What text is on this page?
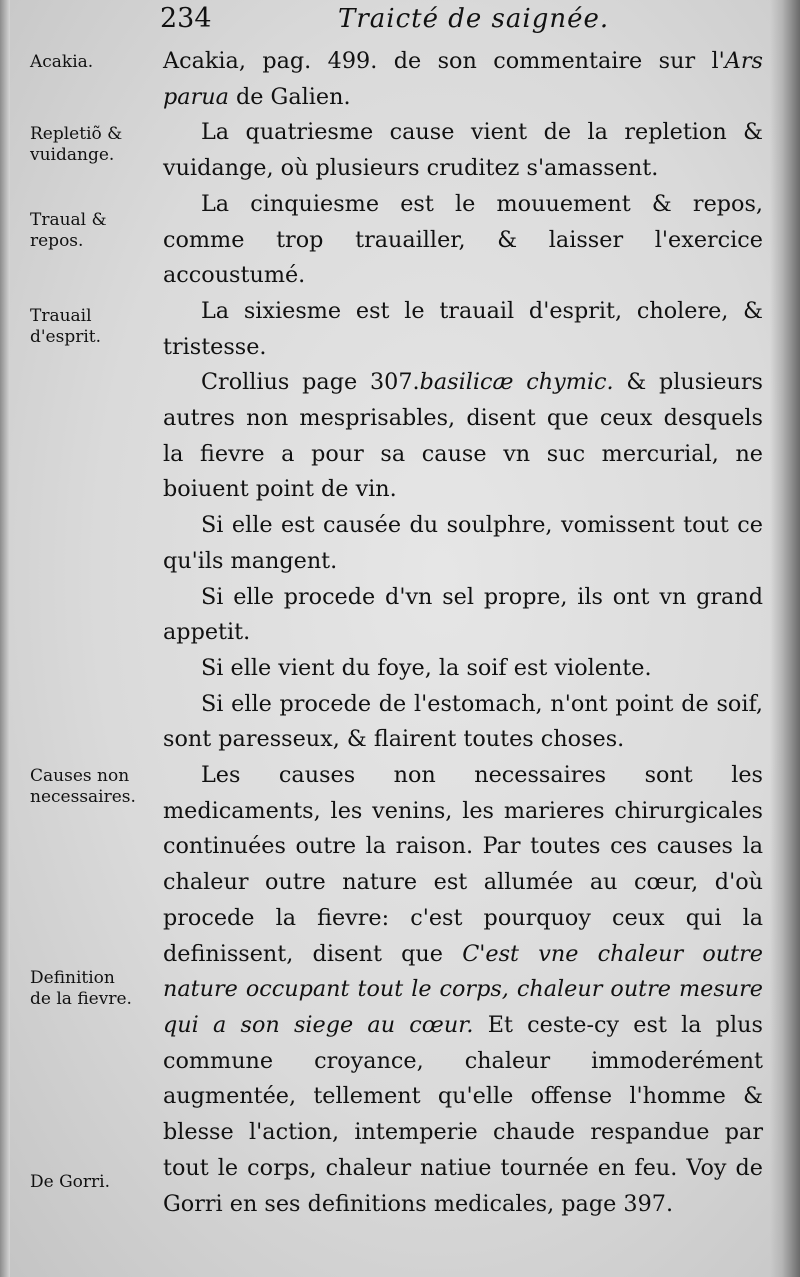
234	Traicté de saignée.
Acakia.
Repletiõ &
vuidange.
Traual &
repos.
Trauail
d'esprit.
Causes non
necessaires.
Definition
de la fievre.
De Gorri.

Acakia, pag. 499. de son commentaire sur l'Ars parua de Galien.

La quatriesme cause vient de la repletion & vuidange, où plusieurs cruditez s'amassent.

La cinquiesme est le mouuement & repos, comme trop trauailler, & laisser l'exercice accoustumé.

La sixiesme est le trauail d'esprit, cholere, & tristesse.

Crollius page 307.basilicæ chymic. & plusieurs autres non mesprisables, disent que ceux desquels la fievre a pour sa cause vn suc mercurial, ne boiuent point de vin.

Si elle est causée du soulphre, vomissent tout ce qu'ils mangent.

Si elle procede d'vn sel propre, ils ont vn grand appetit.

Si elle vient du foye, la soif est violente.

Si elle procede de l'estomach, n'ont point de soif, sont paresseux, & flairent toutes choses.

Les causes non necessaires sont les medicaments, les venins, les marieres chirurgicales continuées outre la raison. Par toutes ces causes la chaleur outre nature est allumée au cœur, d'où procede la fievre: c'est pourquoy ceux qui la definissent, disent que C'est vne chaleur outre nature occupant tout le corps, chaleur outre mesure qui a son siege au cœur. Et ceste-cy est la plus commune croyance, chaleur immoderément augmentée, tellement qu'elle offense l'homme & blesse l'action, intemperie chaude respandue par tout le corps, chaleur natiue tournée en feu. Voy de Gorri en ses definitions medicales, page 397.
